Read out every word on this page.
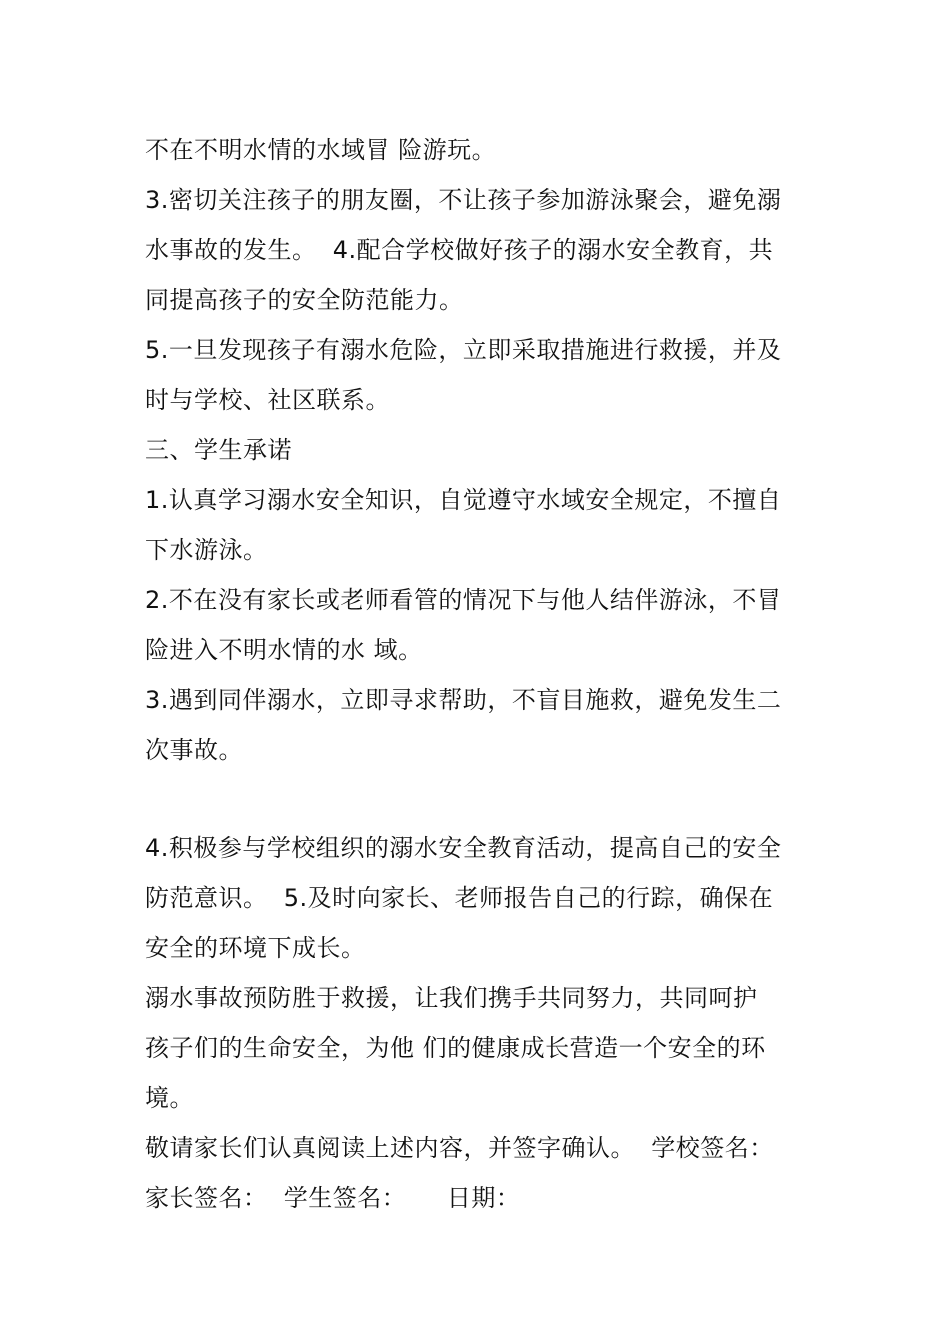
不在不明水情的水域冒 险游玩。
3.密切关注孩子的朋友圈，不让孩子参加游泳聚会，避免溺
水事故的发生。  4.配合学校做好孩子的溺水安全教育，共
同提高孩子的安全防范能力。
5.一旦发现孩子有溺水危险，立即采取措施进行救援，并及
时与学校、社区联系。
三、学生承诺
1.认真学习溺水安全知识，自觉遵守水域安全规定，不擅自
下水游泳。
2.不在没有家长或老师看管的情况下与他人结伴游泳，不冒
险进入不明水情的水 域。
3.遇到同伴溺水，立即寻求帮助，不盲目施救，避免发生二
次事故。
4.积极参与学校组织的溺水安全教育活动，提高自己的安全
防范意识。  5.及时向家长、老师报告自己的行踪，确保在
安全的环境下成长。
溺水事故预防胜于救援，让我们携手共同努力，共同呵护
孩子们的生命安全，为他 们的健康成长营造一个安全的环
境。
敬请家长们认真阅读上述内容，并签字确认。  学校签名：
家长签名：  学生签名：     日期：
